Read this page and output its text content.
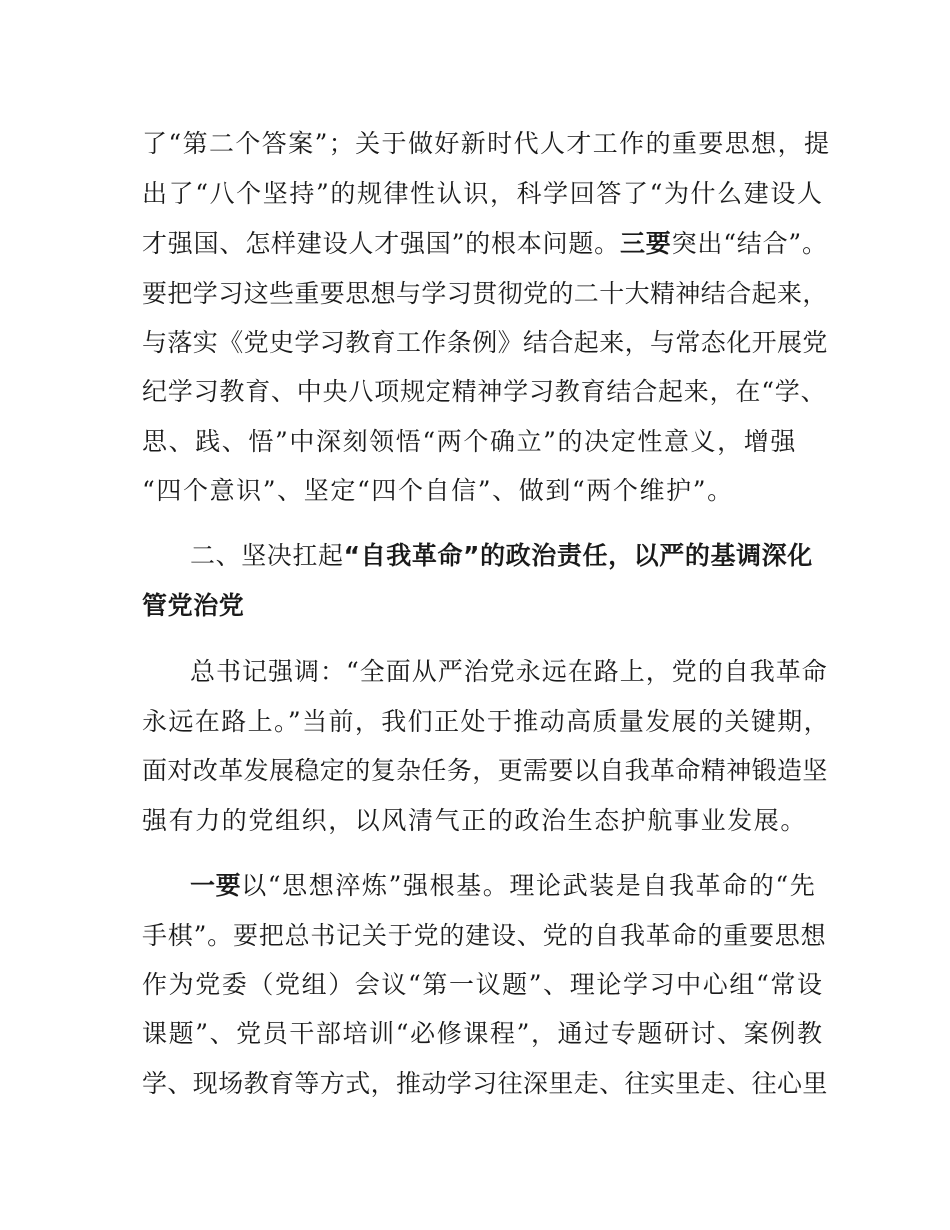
了“第二个答案”；关于做好新时代人才工作的重要思想，提
出了“八个坚持”的规律性认识，科学回答了“为什么建设人
才强国、怎样建设人才强国”的根本问题。三要突出“结合”。
要把学习这些重要思想与学习贯彻党的二十大精神结合起来，
与落实《党史学习教育工作条例》结合起来，与常态化开展党
纪学习教育、中央八项规定精神学习教育结合起来，在“学、
思、践、悟”中深刻领悟“两个确立”的决定性意义，增强
“四个意识”、坚定“四个自信”、做到“两个维护”。
二、坚决扛起“自我革命”的政治责任，以严的基调深化
管党治党
总书记强调：“全面从严治党永远在路上，党的自我革命
永远在路上。”当前，我们正处于推动高质量发展的关键期，
面对改革发展稳定的复杂任务，更需要以自我革命精神锻造坚
强有力的党组织，以风清气正的政治生态护航事业发展。
一要以“思想淬炼”强根基。理论武装是自我革命的“先
手棋”。要把总书记关于党的建设、党的自我革命的重要思想
作为党委（党组）会议“第一议题”、理论学习中心组“常设
课题”、党员干部培训“必修课程”，通过专题研讨、案例教
学、现场教育等方式，推动学习往深里走、往实里走、往心里
